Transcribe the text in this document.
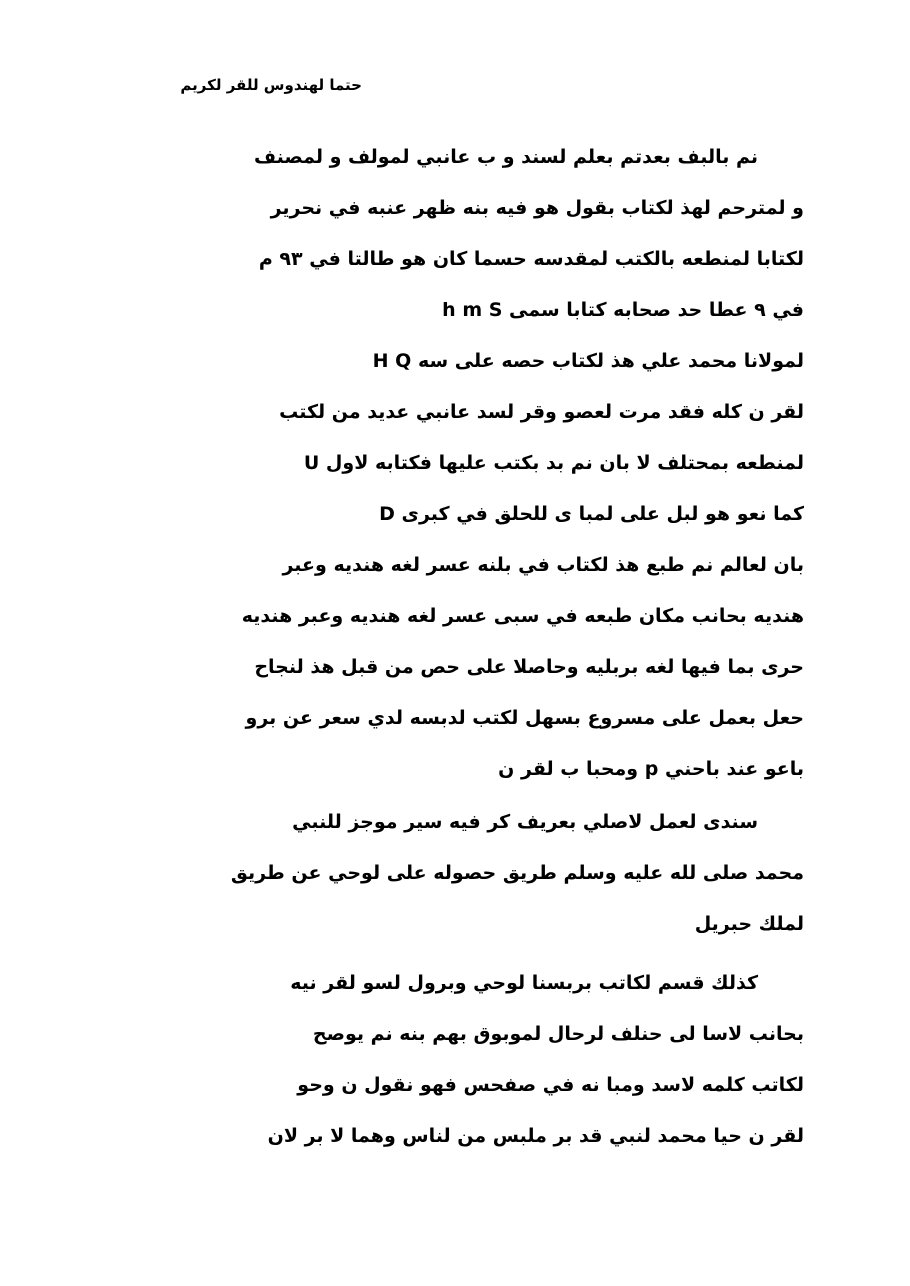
حتما لهندوس للقر لكريم
نم بالبف بعدتم بعلم لسند و ب عانبي لمولف و لمصنف
و لمترحم لهذ لكتاب بقول هو فيه بنه ظهر عنبه في نحرير
لكتابا لمنطعه بالكتب لمقدسه حسما كان هو طالتا في ٩٣ م
في ٩ عطا حد صحابه كتابا سمى h m S
لمولانا محمد علي هذ لكتاب حصه على سه H Q
لقر ن كله فقد مرت لعصو وقر لسد عانبي عديد من لكتب
لمنطعه بمحتلف لا بان نم بد بكتب عليها فكتابه لاول U
كما نعو هو لبل على لمبا ى للحلق في كبرى D
بان لعالم نم طبع هذ لكتاب في بلنه عسر لغه هنديه وعبر
هنديه بحانب مكان طبعه في سبى عسر لغه هنديه وعبر هنديه
حرى بما فيها لغه بربليه وحاصلا على حص من قبل هذ لنجاح
حعل بعمل على مسروع بسهل لكتب لدبسه لدي سعر عن برو
باعو عند باحني p ومحبا ب لقر ن
سندى لعمل لاصلي بعريف كر فيه سير موجز للنبي
محمد صلى لله عليه وسلم طريق حصوله على لوحي عن طريق
لملك حبريل
كذلك قسم لكاتب بربسنا لوحي وبرول لسو لقر نيه
بحانب لاسا لى حنلف لرحال لموبوق بهم بنه نم يوصح
لكاتب كلمه لاسد ومبا نه في صفحس فهو نقول ن وحو
لقر ن حيا محمد لنبي قد بر ملبس من لناس وهما لا بر لان
